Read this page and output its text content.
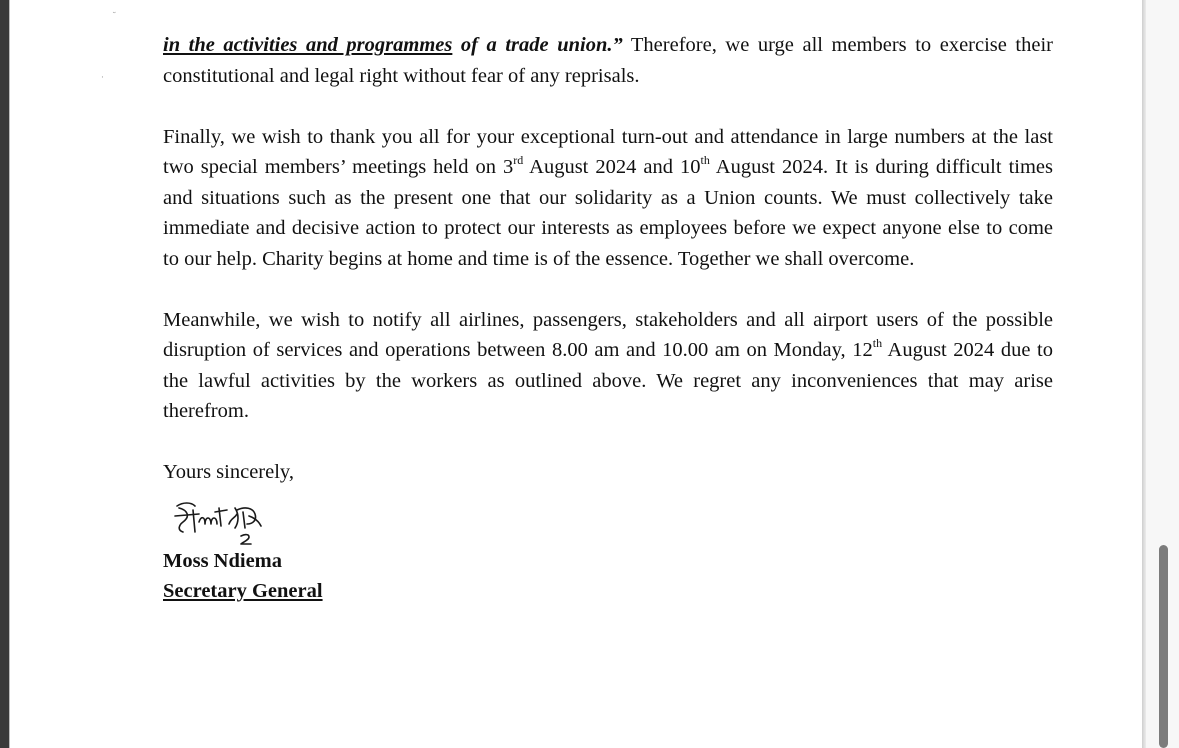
˘
·

in the activities and programmes of a trade union.” Therefore, we urge all members to exercise their constitutional and legal right without fear of any reprisals.

Finally, we wish to thank you all for your exceptional turn-out and attendance in large numbers at the last two special members’ meetings held on 3rd August 2024 and 10th August 2024. It is during difficult times and situations such as the present one that our solidarity as a Union counts. We must collectively take immediate and decisive action to protect our interests as employees before we expect anyone else to come to our help. Charity begins at home and time is of the essence. Together we shall overcome.

Meanwhile, we wish to notify all airlines, passengers, stakeholders and all airport users of the possible disruption of services and operations between 8.00 am and 10.00 am on Monday, 12th August 2024 due to the lawful activities by the workers as outlined above. We regret any inconveniences that may arise therefrom.

Yours sincerely,

Moss Ndiema

Secretary General
